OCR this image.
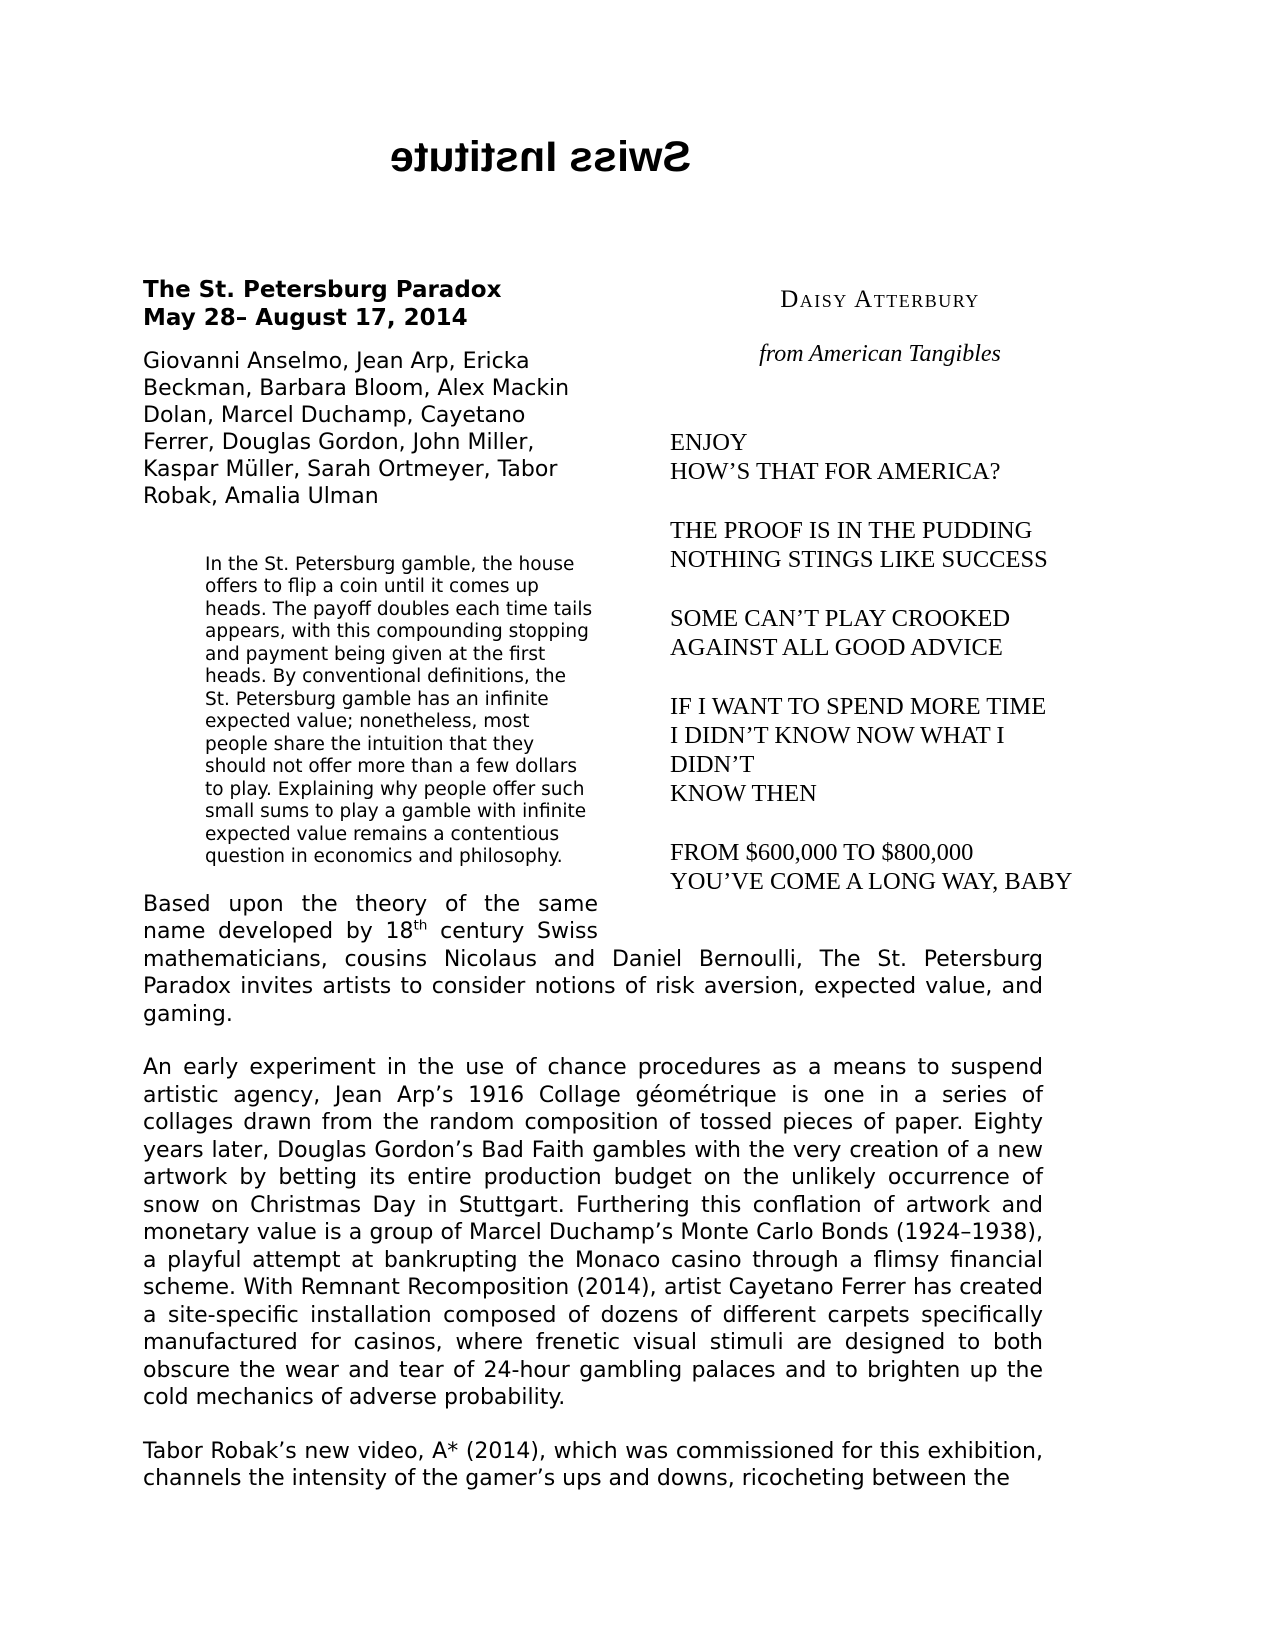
Swiss Institute
Daisy Atterbury
from American Tangibles
ENJOY
HOW’S THAT FOR AMERICA?
THE PROOF IS IN THE PUDDING
NOTHING STINGS LIKE SUCCESS
SOME CAN’T PLAY CROOKED
AGAINST ALL GOOD ADVICE
IF I WANT TO SPEND MORE TIME
I DIDN’T KNOW NOW WHAT I DIDN’T
KNOW THEN
FROM $600,000 TO $800,000
YOU’VE COME A LONG WAY, BABY
The St. Petersburg Paradox
May 28– August 17, 2014

Giovanni Anselmo, Jean Arp, Ericka Beckman, Barbara Bloom, Alex Mackin Dolan, Marcel Duchamp, Cayetano Ferrer, Douglas Gordon, John Miller, Kaspar Müller, Sarah Ortmeyer, Tabor Robak, Amalia Ulman

In the St. Petersburg gamble, the house offers to flip a coin until it comes up heads. The payoff doubles each time tails appears, with this compounding stopping and payment being given at the first heads. By conventional definitions, the St. Petersburg gamble has an infinite expected value; nonetheless, most people share the intuition that they should not offer more than a few dollars to play. Explaining why people offer such small sums to play a gamble with infinite expected value remains a contentious question in economics and philosophy.

Based upon the theory of the same name developed by 18th century Swiss

mathematicians, cousins Nicolaus and Daniel Bernoulli, The St. Petersburg Paradox invites artists to consider notions of risk aversion, expected value, and gaming.

An early experiment in the use of chance procedures as a means to suspend artistic agency, Jean Arp’s 1916 Collage géométrique is one in a series of collages drawn from the random composition of tossed pieces of paper. Eighty years later, Douglas Gordon’s Bad Faith gambles with the very creation of a new artwork by betting its entire production budget on the unlikely occurrence of snow on Christmas Day in Stuttgart. Furthering this conflation of artwork and monetary value is a group of Marcel Duchamp’s Monte Carlo Bonds (1924–1938), a playful attempt at bankrupting the Monaco casino through a flimsy financial scheme. With Remnant Recomposition (2014), artist Cayetano Ferrer has created a site-specific installation composed of dozens of different carpets specifically manufactured for casinos, where frenetic visual stimuli are designed to both obscure the wear and tear of 24-hour gambling palaces and to brighten up the cold mechanics of adverse probability.

Tabor Robak’s new video, A* (2014), which was commissioned for this exhibition, channels the intensity of the gamer’s ups and downs, ricocheting between the
